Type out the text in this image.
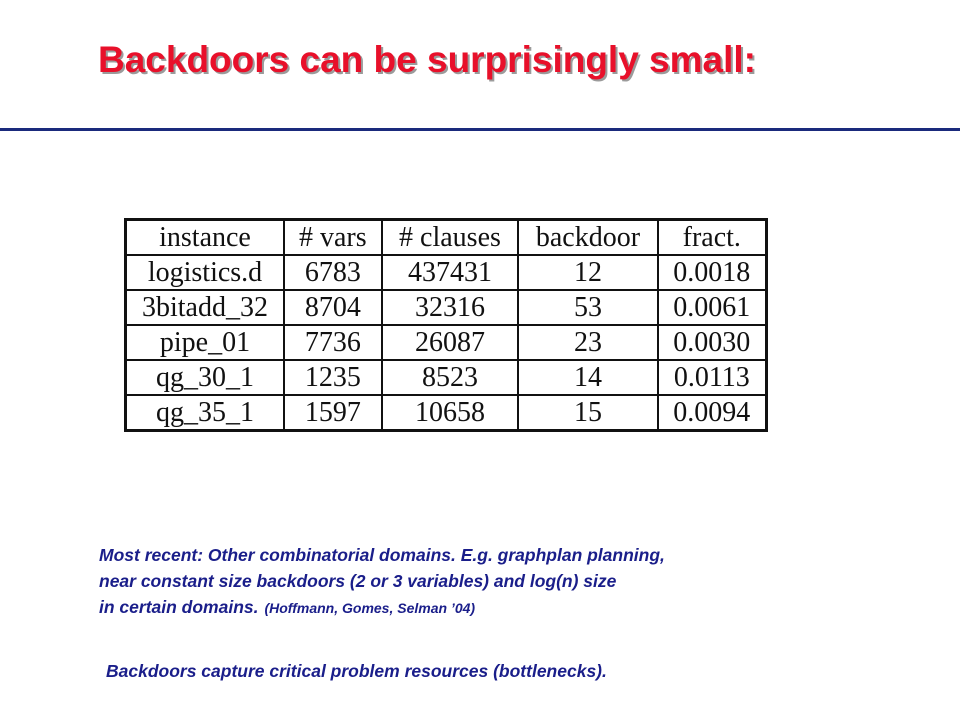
Backdoors can be surprisingly small:
instance	# vars	# clauses	backdoor	fract.
logistics.d	6783	437431	12	0.0018
3bitadd_32	8704	32316	53	0.0061
pipe_01	7736	26087	23	0.0030
qg_30_1	1235	8523	14	0.0113
qg_35_1	1597	10658	15	0.0094
Most recent: Other combinatorial domains. E.g. graphplan planning,
near constant size backdoors (2 or 3 variables) and log(n) size
in certain domains. (Hoffmann, Gomes, Selman ’04)
Backdoors capture critical problem resources (bottlenecks).
